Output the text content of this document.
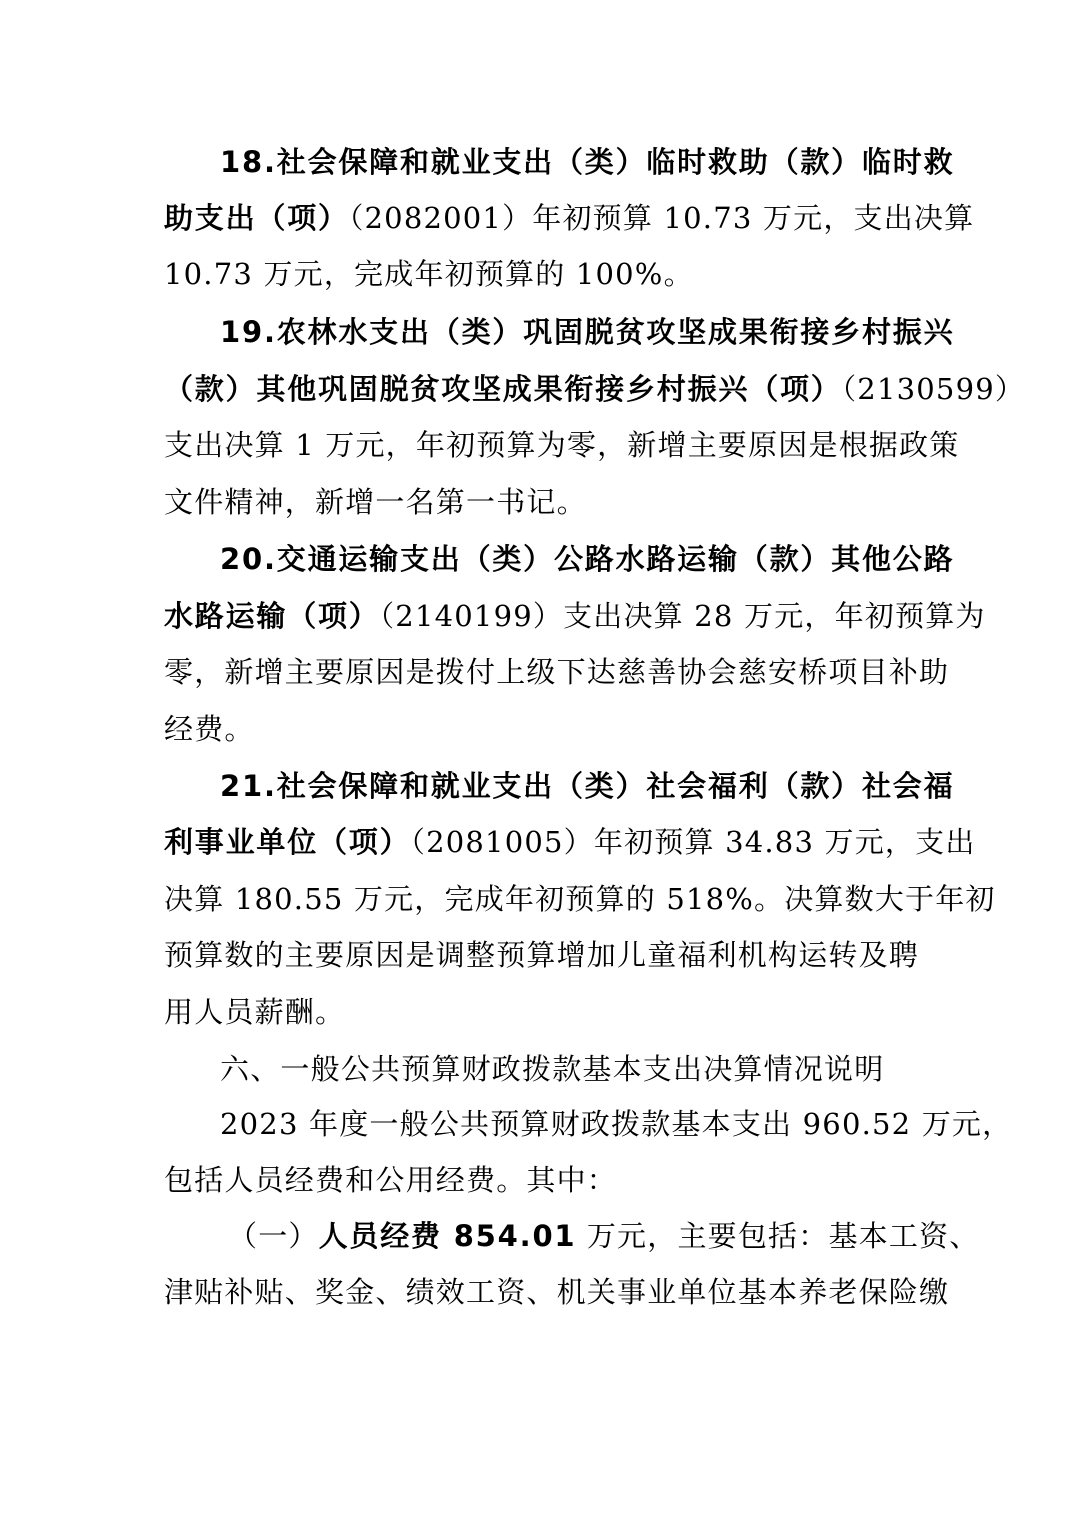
18.社会保障和就业支出（类）临时救助（款）临时救
助支出（项）（2082001）年初预算 10.73 万元，支出决算
10.73 万元，完成年初预算的 100%。
19.农林水支出（类）巩固脱贫攻坚成果衔接乡村振兴
（款）其他巩固脱贫攻坚成果衔接乡村振兴（项）（2130599）
支出决算 1 万元，年初预算为零，新增主要原因是根据政策
文件精神，新增一名第一书记。
20.交通运输支出（类）公路水路运输（款）其他公路
水路运输（项）（2140199）支出决算 28 万元，年初预算为
零，新增主要原因是拨付上级下达慈善协会慈安桥项目补助
经费。
21.社会保障和就业支出（类）社会福利（款）社会福
利事业单位（项）（2081005）年初预算 34.83 万元，支出
决算 180.55 万元，完成年初预算的 518%。决算数大于年初
预算数的主要原因是调整预算增加儿童福利机构运转及聘
用人员薪酬。
六、一般公共预算财政拨款基本支出决算情况说明
2023 年度一般公共预算财政拨款基本支出 960.52 万元，
包括人员经费和公用经费。其中：
（一）人员经费 854.01 万元，主要包括：基本工资、
津贴补贴、奖金、绩效工资、机关事业单位基本养老保险缴
